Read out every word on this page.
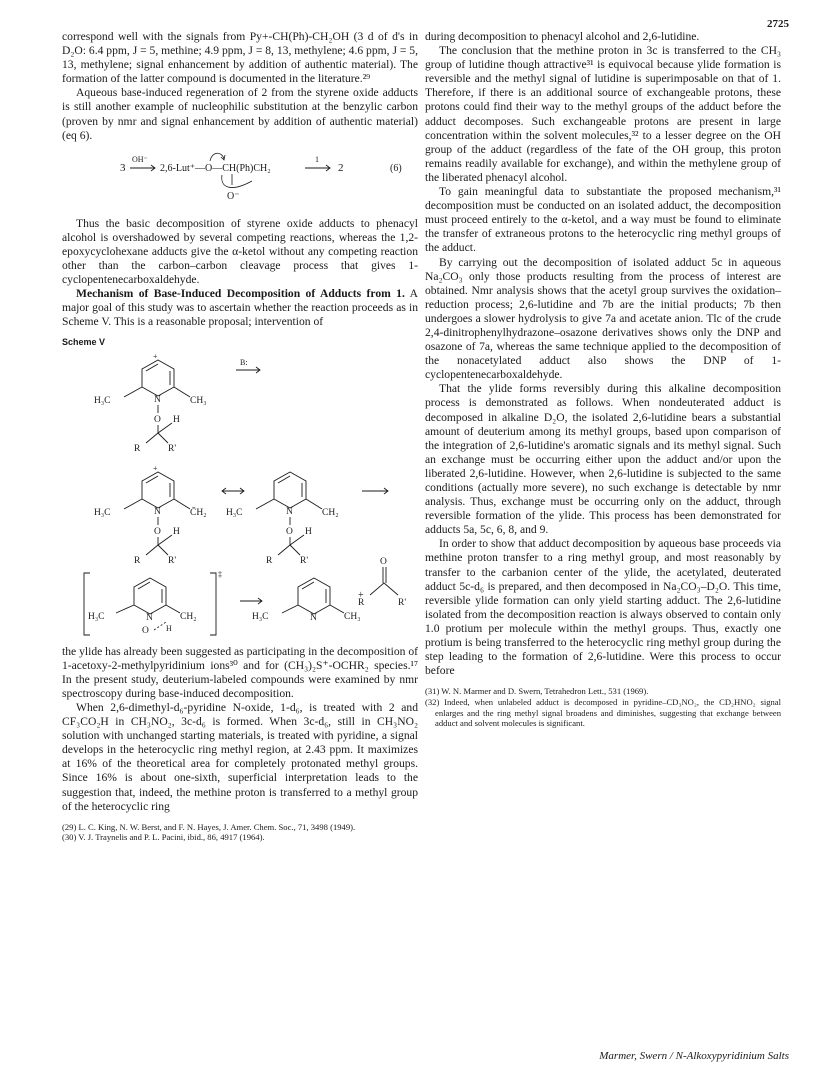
2725

correspond well with the signals from Py+-CH(Ph)-CH₂OH (3 d of d's in D₂O: 6.4 ppm, J = 5, methine; 4.9 ppm, J = 8, 13, methylene; 4.6 ppm, J = 5, 13, methylene; signal enhancement by addition of authentic material). The formation of the latter compound is documented in the literature.²⁹

Aqueous base-induced regeneration of 2 from the styrene oxide adducts is still another example of nucleophilic substitution at the benzylic carbon (proven by nmr and signal enhancement by addition of authentic material) (eq 6).

3
OH⁻
2,6-Lut⁺—O—CH(Ph)CH₂
O⁻
1
2	(6)

Thus the basic decomposition of styrene oxide adducts to phenacyl alcohol is overshadowed by several competing reactions, whereas the 1,2-epoxycyclohexane adducts give the α-ketol without any competing reaction other than the carbon–carbon cleavage process that gives 1-cyclopentenecarboxaldehyde.

Mechanism of Base-Induced Decomposition of Adducts from 1. A major goal of this study was to ascertain whether the reaction proceeds as in Scheme V. This is a reasonable proposal; intervention of

Scheme V
+
N
H₃C	CH₃
O H
R	R'
B:
+
N
H₃C	C̄H₂
O H
R	R'
N
H₃C	CH₂
O H
R	R'
‡
N
H₃C	CH₂
O H
N
H₃C	CH₃
+
O
R	R'

the ylide has already been suggested as participating in the decomposition of 1-acetoxy-2-methylpyridinium ions³⁰ and for (CH₃)₂S⁺-OCHR₂ species.¹⁷ In the present study, deuterium-labeled compounds were examined by nmr spectroscopy during base-induced decomposition.

When 2,6-dimethyl-d₆-pyridine N-oxide, 1-d₆, is treated with 2 and CF₃CO₂H in CH₃NO₂, 3c-d₆ is formed. When 3c-d₆, still in CH₃NO₂ solution with unchanged starting materials, is treated with pyridine, a signal develops in the heterocyclic ring methyl region, at 2.43 ppm. It maximizes at 16% of the theoretical area for completely protonated methyl groups. Since 16% is about one-sixth, superficial interpretation leads to the suggestion that, indeed, the methine proton is transferred to a methyl group of the heterocyclic ring

(29) L. C. King, N. W. Berst, and F. N. Hayes, J. Amer. Chem. Soc., 71, 3498 (1949).

(30) V. J. Traynelis and P. L. Pacini, ibid., 86, 4917 (1964).

during decomposition to phenacyl alcohol and 2,6-lutidine.

The conclusion that the methine proton in 3c is transferred to the CH₃ group of lutidine though attractive³¹ is equivocal because ylide formation is reversible and the methyl signal of lutidine is superimposable on that of 1. Therefore, if there is an additional source of exchangeable protons, these protons could find their way to the methyl groups of the adduct before the adduct decomposes. Such exchangeable protons are present in large concentration within the solvent molecules,³² to a lesser degree on the OH group of the adduct (regardless of the fate of the OH group, this proton remains readily available for exchange), and within the methylene group of the liberated phenacyl alcohol.

To gain meaningful data to substantiate the proposed mechanism,³¹ decomposition must be conducted on an isolated adduct, the decomposition must proceed entirely to the α-ketol, and a way must be found to eliminate the transfer of extraneous protons to the heterocyclic ring methyl groups of the adduct.

By carrying out the decomposition of isolated adduct 5c in aqueous Na₂CO₃ only those products resulting from the process of interest are obtained. Nmr analysis shows that the acetyl group survives the oxidation–reduction process; 2,6-lutidine and 7b are the initial products; 7b then undergoes a slower hydrolysis to give 7a and acetate anion. Tlc of the crude 2,4-dinitrophenylhydrazone–osazone derivatives shows only the DNP and osazone of 7a, whereas the same technique applied to the decomposition of the nonacetylated adduct also shows the DNP of 1-cyclopentenecarboxaldehyde.

That the ylide forms reversibly during this alkaline decomposition process is demonstrated as follows. When nondeuterated adduct is decomposed in alkaline D₂O, the isolated 2,6-lutidine bears a substantial amount of deuterium among its methyl groups, based upon comparison of the integration of 2,6-lutidine's aromatic signals and its methyl signal. Such an exchange must be occurring either upon the adduct and/or upon the liberated 2,6-lutidine. However, when 2,6-lutidine is subjected to the same conditions (actually more severe), no such exchange is detectable by nmr analysis. Thus, exchange must be occurring only on the adduct, through reversible formation of the ylide. This process has been demonstrated for adducts 5a, 5c, 6, 8, and 9.

In order to show that adduct decomposition by aqueous base proceeds via methine proton transfer to a ring methyl group, and most reasonably by transfer to the carbanion center of the ylide, the acetylated, deuterated adduct 5c-d₆ is prepared, and then decomposed in Na₂CO₃–D₂O. This time, reversible ylide formation can only yield starting adduct. The 2,6-lutidine isolated from the decomposition reaction is always observed to contain only 1.0 protium per molecule within the methyl groups. Thus, exactly one protium is being transferred to the heterocyclic ring methyl group during the step leading to the formation of 2,6-lutidine. Were this process to occur before

(31) W. N. Marmer and D. Swern, Tetrahedron Lett., 531 (1969).

(32) Indeed, when unlabeled adduct is decomposed in pyridine–CD₃NO₂, the CD₂HNO₂ signal enlarges and the ring methyl signal broadens and diminishes, suggesting that exchange between adduct and solvent molecules is significant.

Marmer, Swern / N-Alkoxypyridinium Salts
